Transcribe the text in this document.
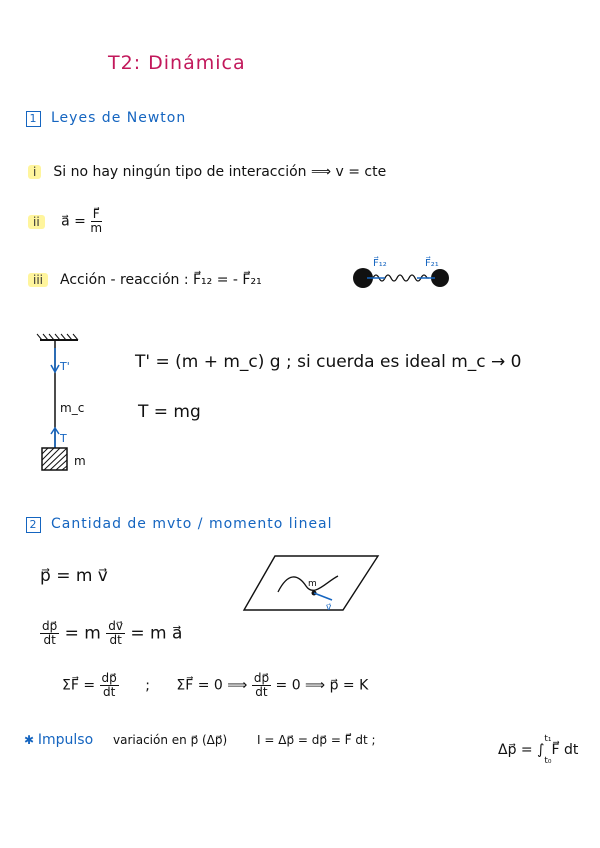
T2: Dinámica
1 Leyes de Newton
i Si no hay ningún tipo de interacción ⟹ v = cte
ii a⃗ = $\frac{F⃗}{m}$
iii Acción - reacción : F⃗₁₂ = - F⃗₂₁
F⃗₁₂	F⃗₂₁
T'
m_c
T
m
T' = (m + m_c) g ; si cuerda es ideal m_c → 0
T = mg
2 Cantidad de mvto / momento lineal
p⃗ = m v⃗	m
v⃗
$\frac{dp⃗}{dt} = m \frac{dv⃗}{dt} = m$ a⃗
ΣF⃗ = $\frac{dp⃗}{dt}$ ; ΣF⃗ = 0 ⟹ $\frac{dp⃗}{dt} = 0$ ⟹ p⃗ = K
✱ Impulso variación en p⃗ (Δp⃗) I = Δp⃗ = dp⃗ = F⃗ dt ;
Δp⃗ = ∫
t₁
t₀
F⃗ dt
